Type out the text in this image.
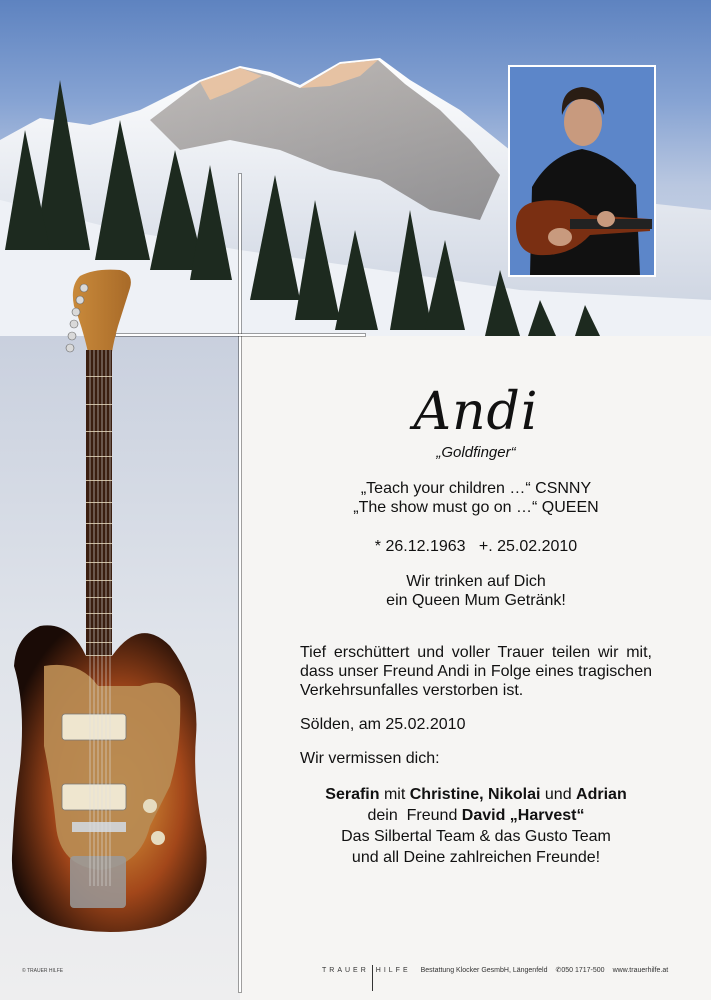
Andi
„Goldfinger“
„Teach your children …“ CSNNY
„The show must go on …“ QUEEN
* 26.12.1963   +. 25.02.2010
Wir trinken auf Dich
ein Queen Mum Getränk!
Tief erschüttert und voller Trauer teilen wir mit, dass unser Freund Andi in Folge eines tragischen Verkehrsunfalles verstorben ist.
Sölden, am 25.02.2010
Wir vermissen dich:
Serafin mit Christine, Nikolai und Adrian
dein  Freund David „Harvest“
Das Silbertal Team & das Gusto Team
und all Deine zahlreichen Freunde!
TRAUER HILFE Bestattung Klocker GesmbH, Längenfeld ✆050 1717-500 www.trauerhilfe.at
© TRAUER HILFE
